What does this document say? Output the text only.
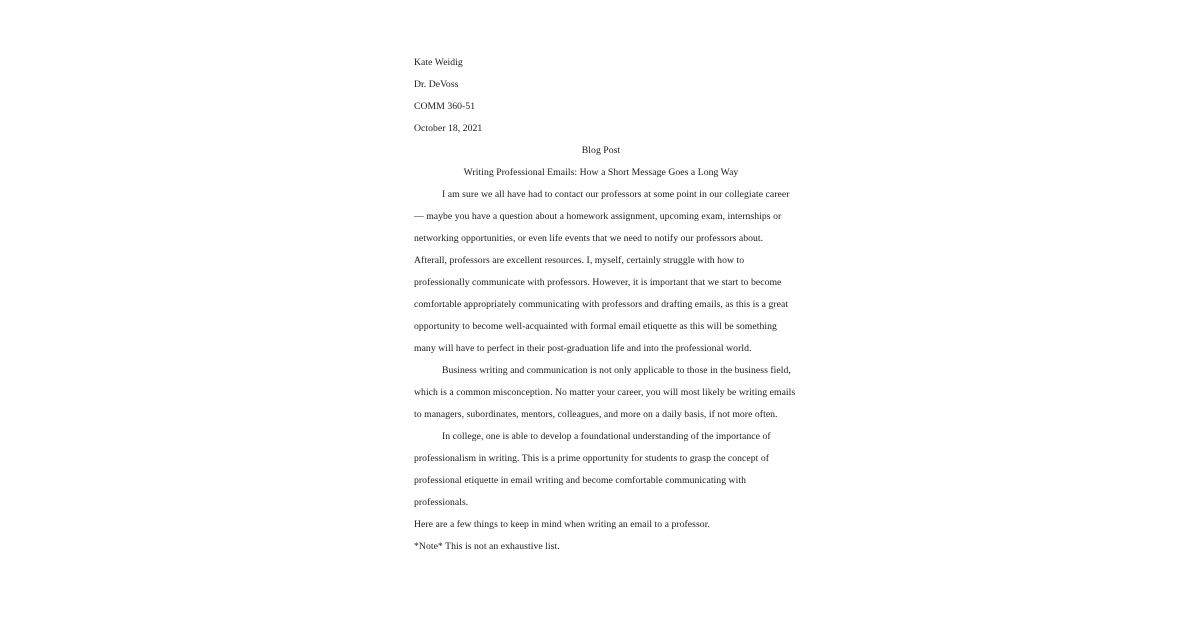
Kate Weidig
Dr. DeVoss
COMM 360-51
October 18, 2021
Blog Post
Writing Professional Emails: How a Short Message Goes a Long Way
I am sure we all have had to contact our professors at some point in our collegiate career
— maybe you have a question about a homework assignment, upcoming exam, internships or
networking opportunities, or even life events that we need to notify our professors about.
Afterall, professors are excellent resources. I, myself, certainly struggle with how to
professionally communicate with professors. However, it is important that we start to become
comfortable appropriately communicating with professors and drafting emails, as this is a great
opportunity to become well-acquainted with formal email etiquette as this will be something
many will have to perfect in their post-graduation life and into the professional world.
Business writing and communication is not only applicable to those in the business field,
which is a common misconception. No matter your career, you will most likely be writing emails
to managers, subordinates, mentors, colleagues, and more on a daily basis, if not more often.
In college, one is able to develop a foundational understanding of the importance of
professionalism in writing. This is a prime opportunity for students to grasp the concept of
professional etiquette in email writing and become comfortable communicating with
professionals.
Here are a few things to keep in mind when writing an email to a professor.
*Note* This is not an exhaustive list.
